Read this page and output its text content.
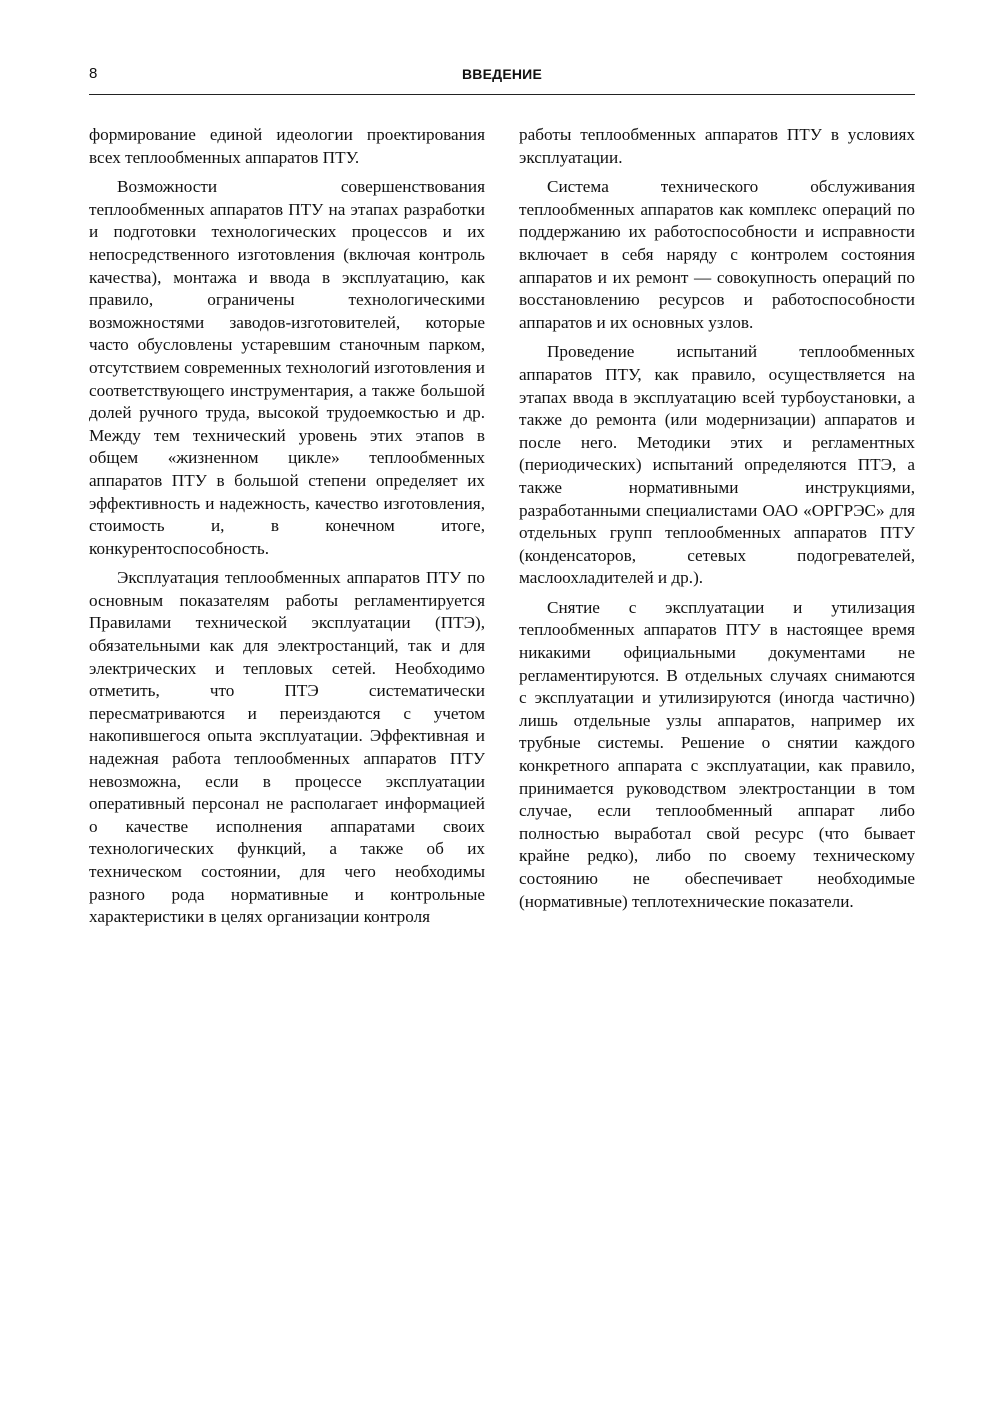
8	ВВЕДЕНИЕ

формирование единой идеологии проектирования всех теплообменных аппаратов ПТУ.

Возможности совершенствования теплообменных аппаратов ПТУ на этапах разработки и подготовки технологических процессов и их непосредственного изготовления (включая контроль качества), монтажа и ввода в эксплуатацию, как правило, ограничены технологическими возможностями заводов-изготовителей, которые часто обусловлены устаревшим станочным парком, отсутствием современных технологий изготовления и соответствующего инструментария, а также большой долей ручного труда, высокой трудоемкостью и др. Между тем технический уровень этих этапов в общем «жизненном цикле» теплообменных аппаратов ПТУ в большой степени определяет их эффективность и надежность, качество изготовления, стоимость и, в конечном итоге, конкурентоспособность.

Эксплуатация теплообменных аппаратов ПТУ по основным показателям работы регламентируется Правилами технической эксплуатации (ПТЭ), обязательными как для электростанций, так и для электрических и тепловых сетей. Необходимо отметить, что ПТЭ систематически пересматриваются и переиздаются с учетом накопившегося опыта эксплуатации. Эффективная и надежная работа теплообменных аппаратов ПТУ невозможна, если в процессе эксплуатации оперативный персонал не располагает информацией о качестве исполнения аппаратами своих технологических функций, а также об их техническом состоянии, для чего необходимы разного рода нормативные и контрольные характеристики в целях организации контроля

работы теплообменных аппаратов ПТУ в условиях эксплуатации.

Система технического обслуживания теплообменных аппаратов как комплекс операций по поддержанию их работоспособности и исправности включает в себя наряду с контролем состояния аппаратов и их ремонт — совокупность операций по восстановлению ресурсов и работоспособности аппаратов и их основных узлов.

Проведение испытаний теплообменных аппаратов ПТУ, как правило, осуществляется на этапах ввода в эксплуатацию всей турбоустановки, а также до ремонта (или модернизации) аппаратов и после него. Методики этих и регламентных (периодических) испытаний определяются ПТЭ, а также нормативными инструкциями, разработанными специалистами ОАО «ОРГРЭС» для отдельных групп теплообменных аппаратов ПТУ (конденсаторов, сетевых подогревателей, маслоохладителей и др.).

Снятие с эксплуатации и утилизация теплообменных аппаратов ПТУ в настоящее время никакими официальными документами не регламентируются. В отдельных случаях снимаются с эксплуатации и утилизируются (иногда частично) лишь отдельные узлы аппаратов, например их трубные системы. Решение о снятии каждого конкретного аппарата с эксплуатации, как правило, принимается руководством электростанции в том случае, если теплообменный аппарат либо полностью выработал свой ресурс (что бывает крайне редко), либо по своему техническому состоянию не обеспечивает необходимые (нормативные) теплотехнические показатели.
